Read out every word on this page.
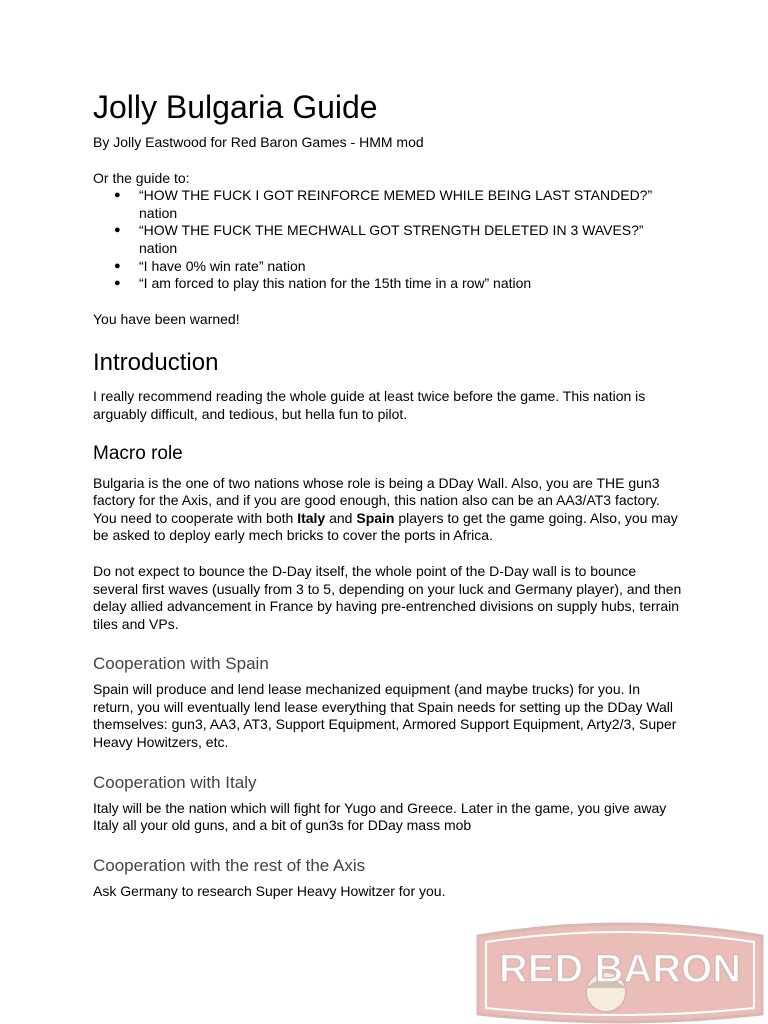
Jolly Bulgaria Guide

By Jolly Eastwood for Red Baron Games - HMM mod

Or the guide to:

● “HOW THE FUCK I GOT REINFORCE MEMED WHILE BEING LAST STANDED?” nation
● “HOW THE FUCK THE MECHWALL GOT STRENGTH DELETED IN 3 WAVES?” nation
● “I have 0% win rate” nation
● “I am forced to play this nation for the 15th time in a row” nation

You have been warned!

Introduction

I really recommend reading the whole guide at least twice before the game. This nation is arguably difficult, and tedious, but hella fun to pilot.

Macro role

Bulgaria is the one of two nations whose role is being a DDay Wall. Also, you are THE gun3 factory for the Axis, and if you are good enough, this nation also can be an AA3/AT3 factory. You need to cooperate with both Italy and Spain players to get the game going. Also, you may be asked to deploy early mech bricks to cover the ports in Africa.

Do not expect to bounce the D-Day itself, the whole point of the D-Day wall is to bounce several first waves (usually from 3 to 5, depending on your luck and Germany player), and then delay allied advancement in France by having pre-entrenched divisions on supply hubs, terrain tiles and VPs.

Cooperation with Spain

Spain will produce and lend lease mechanized equipment (and maybe trucks) for you. In return, you will eventually lend lease everything that Spain needs for setting up the DDay Wall themselves: gun3, AA3, AT3, Support Equipment, Armored Support Equipment, Arty2/3, Super Heavy Howitzers, etc.

Cooperation with Italy

Italy will be the nation which will fight for Yugo and Greece. Later in the game, you give away Italy all your old guns, and a bit of gun3s for DDay mass mob

Cooperation with the rest of the Axis

Ask Germany to research Super Heavy Howitzer for you.

RED BARON
